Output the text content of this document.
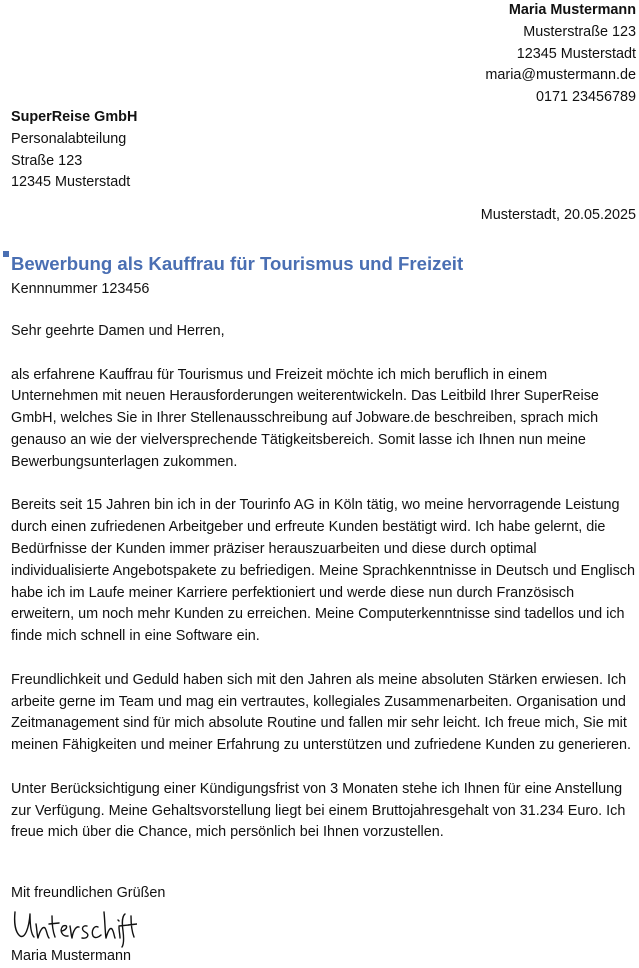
Maria Mustermann
Musterstraße 123
12345 Musterstadt
maria@mustermann.de
0171 23456789
SuperReise GmbH
Personalabteilung
Straße 123
12345 Musterstadt
Musterstadt, 20.05.2025
Bewerbung als Kauffrau für Tourismus und Freizeit
Kennnummer 123456

Sehr geehrte Damen und Herren,

als erfahrene Kauffrau für Tourismus und Freizeit möchte ich mich beruflich in einem Unternehmen mit neuen Herausforderungen weiterentwickeln. Das Leitbild Ihrer SuperReise GmbH, welches Sie in Ihrer Stellenausschreibung auf Jobware.de beschreiben, sprach mich genauso an wie der vielversprechende Tätigkeitsbereich. Somit lasse ich Ihnen nun meine Bewerbungsunterlagen zukommen.

Bereits seit 15 Jahren bin ich in der Tourinfo AG in Köln tätig, wo meine hervorragende Leistung durch einen zufriedenen Arbeitgeber und erfreute Kunden bestätigt wird. Ich habe gelernt, die Bedürfnisse der Kunden immer präziser herauszuarbeiten und diese durch optimal individualisierte Angebotspakete zu befriedigen. Meine Sprachkenntnisse in Deutsch und Englisch habe ich im Laufe meiner Karriere perfektioniert und werde diese nun durch Französisch erweitern, um noch mehr Kunden zu erreichen. Meine Computerkenntnisse sind tadellos und ich finde mich schnell in eine Software ein.

Freundlichkeit und Geduld haben sich mit den Jahren als meine absoluten Stärken erwiesen. Ich arbeite gerne im Team und mag ein vertrautes, kollegiales Zusammenarbeiten. Organisation und Zeitmanagement sind für mich absolute Routine und fallen mir sehr leicht. Ich freue mich, Sie mit meinen Fähigkeiten und meiner Erfahrung zu unterstützen und zufriedene Kunden zu generieren.

Unter Berücksichtigung einer Kündigungsfrist von 3 Monaten stehe ich Ihnen für eine Anstellung zur Verfügung. Meine Gehaltsvorstellung liegt bei einem Bruttojahresgehalt von 31.234 Euro. Ich freue mich über die Chance, mich persönlich bei Ihnen vorzustellen.

Mit freundlichen Grüßen
Maria Mustermann
